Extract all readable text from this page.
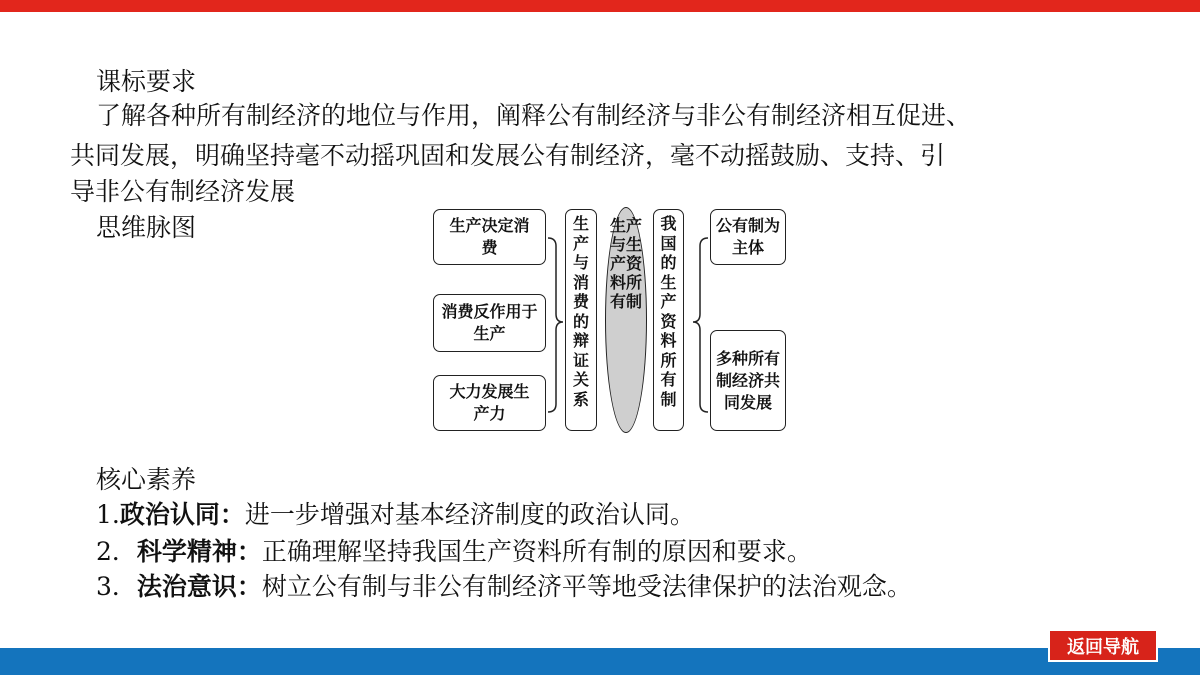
课标要求
了解各种所有制经济的地位与作用，阐释公有制经济与非公有制经济相互促进、
共同发展，明确坚持毫不动摇巩固和发展公有制经济，毫不动摇鼓励、支持、引
导非公有制经济发展
思维脉图	生产决定消费
消费反作用于生产
大力发展生产力
生产与消费的辩证关系
生产与生产资料所有制
我国的生产资料所有制
公有制为主体
多种所有制经济共同发展
核心素养
1.政治认同：进一步增强对基本经济制度的政治认同。
2．科学精神：正确理解坚持我国生产资料所有制的原因和要求。
3．法治意识：树立公有制与非公有制经济平等地受法律保护的法治观念。
返回导航
